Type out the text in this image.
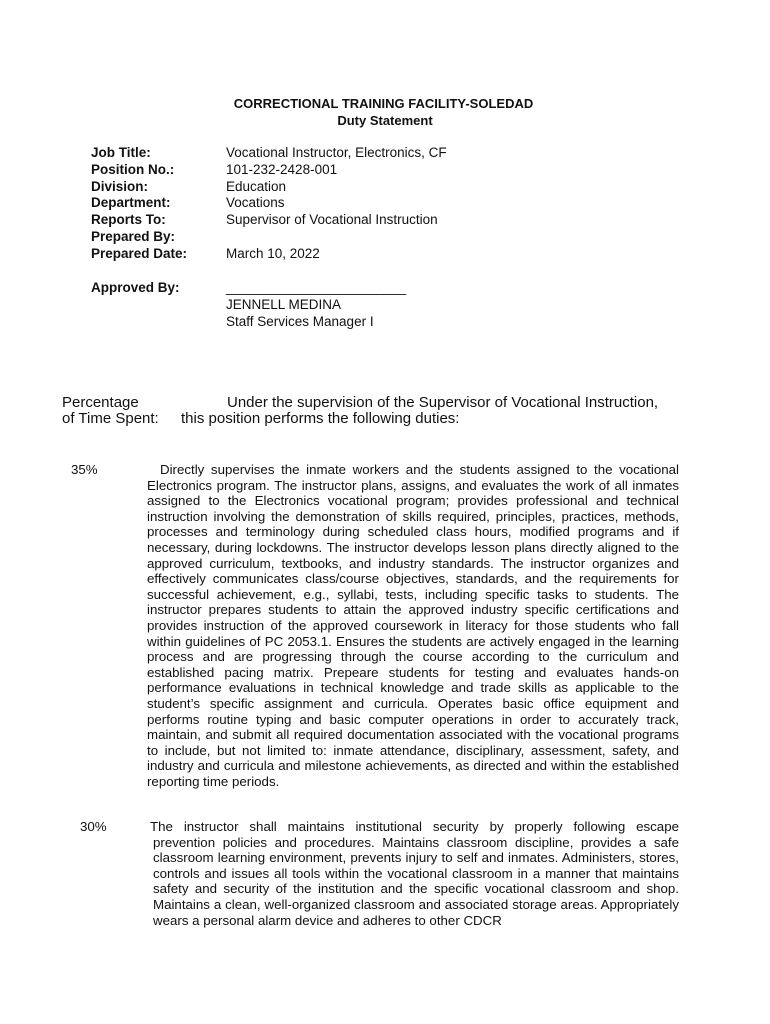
CORRECTIONAL TRAINING FACILITY-SOLEDAD
Duty Statement
Job Title:	Vocational Instructor, Electronics, CF
Position No.:	101-232-2428-001
Division:	Education
Department:	Vocations
Reports To:	Supervisor of Vocational Instruction
Prepared By:
Prepared Date:	March 10, 2022
Approved By:	________________________
JENNELL MEDINA
Staff Services Manager I
Percentage
of Time Spent:
Under the supervision of the Supervisor of Vocational Instruction,
this position performs the following duties:
35%	Directly supervises the inmate workers and the students assigned to the vocational Electronics program. The instructor plans, assigns, and evaluates the work of all inmates assigned to the Electronics vocational program; provides professional and technical instruction involving the demonstration of skills required, principles, practices, methods, processes and terminology during scheduled class hours, modified programs and if necessary, during lockdowns. The instructor develops lesson plans directly aligned to the approved curriculum, textbooks, and industry standards. The instructor organizes and effectively communicates class/course objectives, standards, and the requirements for successful achievement, e.g., syllabi, tests, including specific tasks to students. The instructor prepares students to attain the approved industry specific certifications and provides instruction of the approved coursework in literacy for those students who fall within guidelines of PC 2053.1. Ensures the students are actively engaged in the learning process and are progressing through the course according to the curriculum and established pacing matrix. Prepeare students for testing and evaluates hands-on performance evaluations in technical knowledge and trade skills as applicable to the student’s specific assignment and curricula. Operates basic office equipment and performs routine typing and basic computer operations in order to accurately track, maintain, and submit all required documentation associated with the vocational programs to include, but not limited to: inmate attendance, disciplinary, assessment, safety, and industry and curricula and milestone achievements, as directed and within the established reporting time periods.
30%	The instructor shall maintains institutional security by properly following escape prevention policies and procedures. Maintains classroom discipline, provides a safe classroom learning environment, prevents injury to self and inmates. Administers, stores, controls and issues all tools within the vocational classroom in a manner that maintains safety and security of the institution and the specific vocational classroom and shop. Maintains a clean, well-organized classroom and associated storage areas. Appropriately wears a personal alarm device and adheres to other CDCR
